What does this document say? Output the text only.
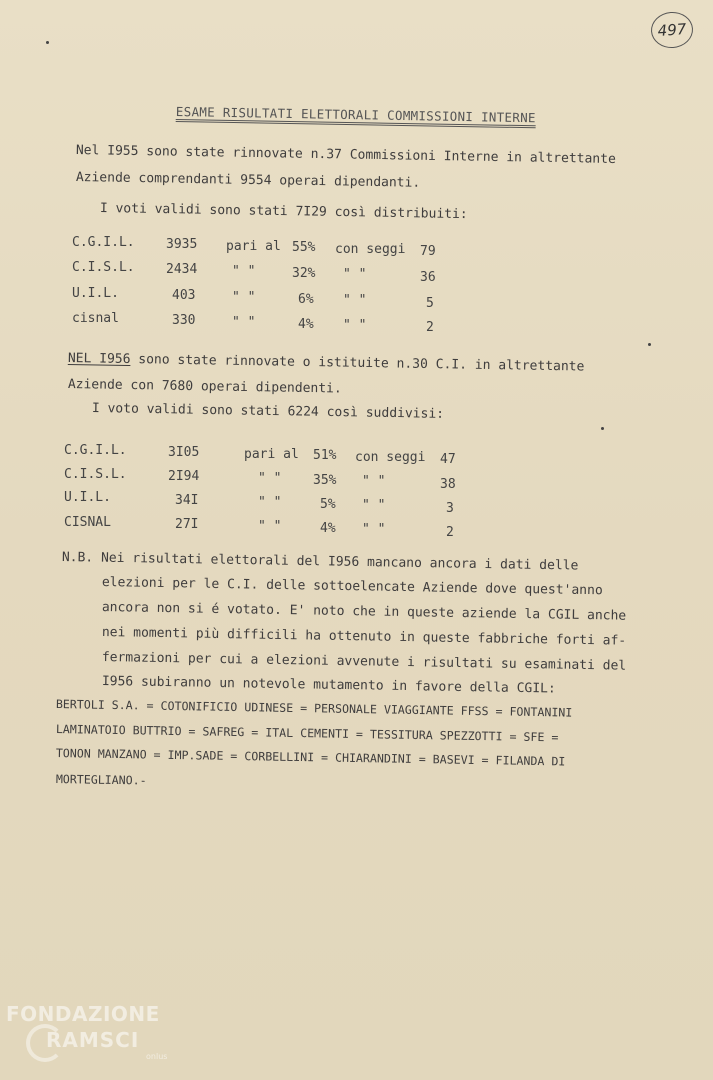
497
ESAME RISULTATI ELETTORALI COMMISSIONI INTERNE
Nel I955 sono state rinnovate n.37 Commissioni Interne in altrettante
Aziende comprendanti 9554 operai dipendanti.
I voti validi sono stati 7I29 così distribuiti:
C.G.I.L. 3935 pari al 55% con seggi 79
C.I.S.L. 2434	" "	32% " "	36
U.I.L.	403	" "	6% " "	5
cisnal	330	" "	4% " "	2
NEL I956 sono state rinnovate o istituite n.30 C.I. in altrettante
Aziende con 7680 operai dipendenti.
I voto validi sono stati 6224 così suddivisi:
C.G.I.L.	3I05	pari al 51% con seggi 47
C.I.S.L.	2I94	" " 35% " "	38
U.I.L.	34I	" "	5% " "	3
CISNAL	27I	" "	4% " "	2
N.B. Nei risultati elettorali del I956 mancano ancora i dati delle
elezioni per le C.I. delle sottoelencate Aziende dove quest'anno
ancora non si é votato. E' noto che in queste aziende la CGIL anche
nei momenti più difficili ha ottenuto in queste fabbriche forti af-
fermazioni per cui a elezioni avvenute i risultati su esaminati del
I956 subiranno un notevole mutamento in favore della CGIL:
BERTOLI S.A. = COTONIFICIO UDINESE = PERSONALE VIAGGIANTE FFSS = FONTANINI
LAMINATOIO BUTTRIO = SAFREG = ITAL CEMENTI = TESSITURA SPEZZOTTI = SFE =
TONON MANZANO = IMP.SADE = CORBELLINI = CHIARANDINI = BASEVI = FILANDA DI
MORTEGLIANO.-
FONDAZIONE
RAMSCI
onlus
